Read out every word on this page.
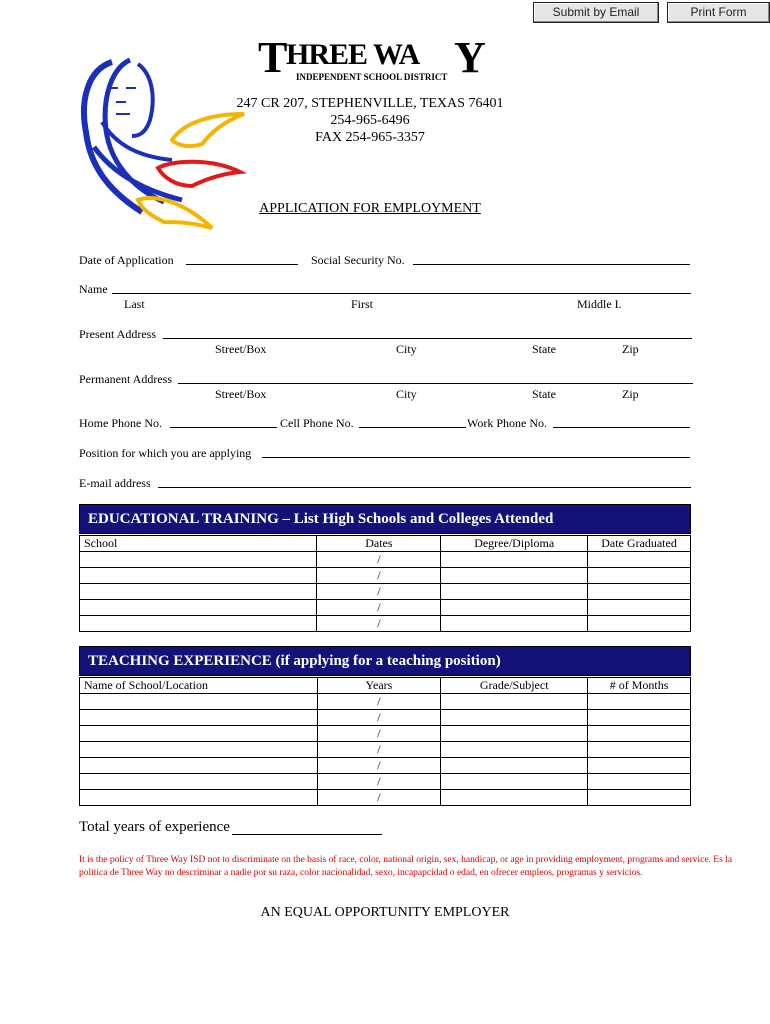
Submit by Email	Print Form
T
HREE WA Y
INDEPENDENT SCHOOL DISTRICT
247 CR 207, STEPHENVILLE, TEXAS 76401
254-965-6496
FAX 254-965-3357
APPLICATION FOR EMPLOYMENT
Date of Application	Social Security No.
Name
Last	First	Middle I.
Present Address
Street/Box	City	State	Zip
Permanent Address
Street/Box	City	State	Zip
Home Phone No.	Cell Phone No.	Work Phone No.
Position for which you are applying
E-mail address
EDUCATIONAL TRAINING – List High Schools and Colleges Attended
School	Dates	Degree/Diploma	Date Graduated
	/		
	/		
	/		
	/		
	/		
TEACHING EXPERIENCE (if applying for a teaching position)
Name of School/Location	Years	Grade/Subject	# of Months
	/		
	/		
	/		
	/		
	/		
	/		
	/		
Total years of experience
It is the policy of Three Way ISD not to discriminate on the basis of race, color, national origin, sex, handicap, or age in providing employment, programs and service. Es la politica de Three Way no descriminar a nadie por su raza, color nacionalidad, sexo, incapapcidad o edad, en ofrecer empleos, programas y servicios.
AN EQUAL OPPORTUNITY EMPLOYER
